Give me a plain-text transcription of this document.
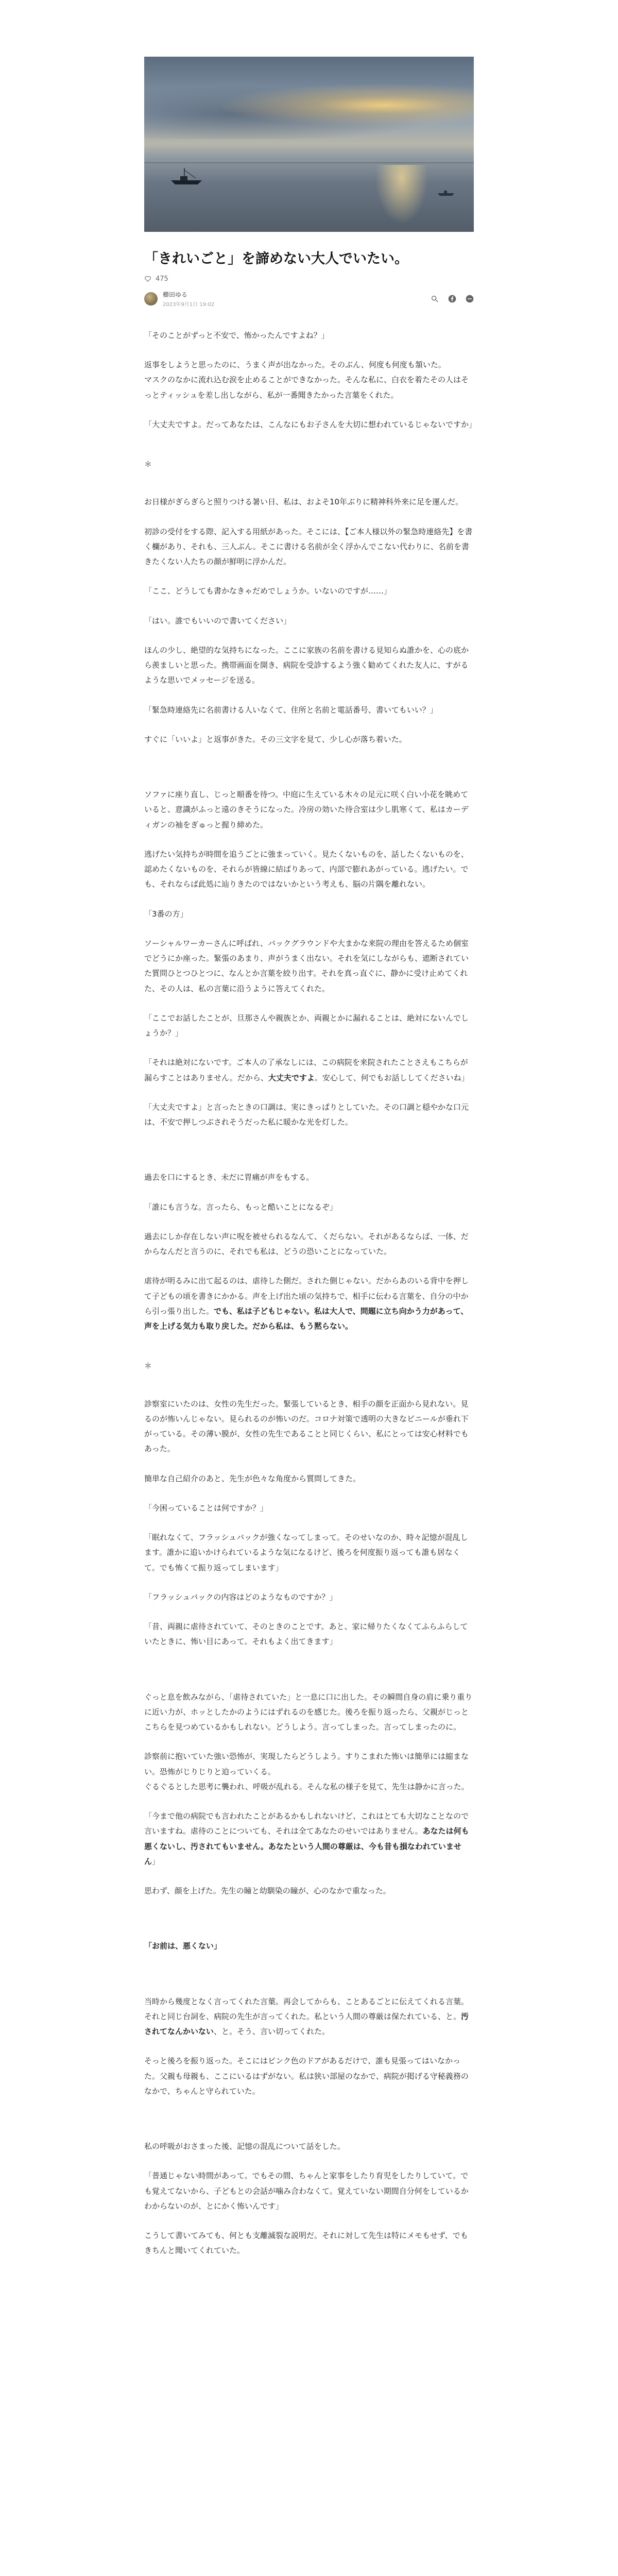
「きれいごと」を諦めない大人でいたい。
475
櫛田ゆる
2023年9月1日 19:02

「そのことがずっと不安で、怖かったんですよね？」

返事をしようと思ったのに、うまく声が出なかった。そのぶん、何度も何度も頷いた。
マスクのなかに流れ込む涙を止めることができなかった。そんな私に、白衣を着たその人はそっとティッシュを差し出しながら、私が一番聞きたかった言葉をくれた。

「大丈夫ですよ。だってあなたは、こんなにもお子さんを大切に想われているじゃないですか」

＊

お日様がぎらぎらと照りつける暑い日、私は、およそ10年ぶりに精神科外来に足を運んだ。

初診の受付をする際、記入する用紙があった。そこには、【ご本人様以外の緊急時連絡先】を書く欄があり、それも、三人ぶん。そこに書ける名前が全く浮かんでこない代わりに、名前を書きたくない人たちの顔が鮮明に浮かんだ。

「ここ、どうしても書かなきゃだめでしょうか。いないのですが……」

「はい。誰でもいいので書いてください」

ほんの少し、絶望的な気持ちになった。ここに家族の名前を書ける見知らぬ誰かを、心の底から羨ましいと思った。携帯画面を開き、病院を受診するよう強く勧めてくれた友人に、すがるような思いでメッセージを送る。

「緊急時連絡先に名前書ける人いなくて、住所と名前と電話番号、書いてもいい？」

すぐに「いいよ」と返事がきた。その三文字を見て、少し心が落ち着いた。

ソファに座り直し、じっと順番を待つ。中庭に生えている木々の足元に咲く白い小花を眺めていると、意識がふっと遠のきそうになった。冷房の効いた待合室は少し肌寒くて、私はカーディガンの袖をぎゅっと握り締めた。

逃げたい気持ちが時間を追うごとに強まっていく。見たくないものを、話したくないものを、認めたくないものを、それらが皆線に結ばりあって、内部で膨れあがっている。逃げたい。でも、それならば此処に辿りきたのではないかという考えも、脳の片隅を離れない。

「3番の方」

ソーシャルワーカーさんに呼ばれ、バックグラウンドや大まかな来院の理由を答えるため個室でどうにか座った。緊張のあまり、声がうまく出ない。それを気にしながらも、遮断されていた質問ひとつひとつに、なんとか言葉を絞り出す。それを真っ直ぐに、静かに受け止めてくれた、その人は、私の言葉に沿うように答えてくれた。

「ここでお話したことが、旦那さんや親族とか、両親とかに漏れることは、絶対にないんでしょうか？」

「それは絶対にないです。ご本人の了承なしには、この病院を来院されたことさえもこちらが漏らすことはありません。だから、大丈夫ですよ。安心して、何でもお話ししてくださいね」

「大丈夫ですよ」と言ったときの口調は、実にきっぱりとしていた。その口調と穏やかな口元は、不安で押しつぶされそうだった私に暖かな光を灯した。

過去を口にするとき、未だに胃痛が声をもする。

「誰にも言うな。言ったら、もっと酷いことになるぞ」

過去にしか存在しない声に呪を被せられるなんて、くだらない。それがあるならば、一体、だからなんだと言うのに、それでも私は、どうの恐いことになっていた。

虐待が明るみに出て起るのは、虐待した側だ。された側じゃない。だからあのいる背中を押して子どもの頃を書きにかかる。声を上げ出た頃の気持ちで、相手に伝わる言葉を、自分の中から引っ張り出した。でも、私は子どもじゃない。私は大人で、問題に立ち向かう力があって、声を上げる気力も取り戻した。だから私は、もう黙らない。

＊

診察室にいたのは、女性の先生だった。緊張しているとき、相手の顔を正面から見れない。見るのが怖いんじゃない。見られるのが怖いのだ。コロナ対策で透明の大きなビニールが垂れ下がっている。その薄い膜が、女性の先生であることと同じくらい、私にとっては安心材料でもあった。

簡単な自己紹介のあと、先生が色々な角度から質問してきた。

「今困っていることは何ですか？」

「眠れなくて、フラッシュバックが強くなってしまって。そのせいなのか、時々記憶が混乱します。誰かに追いかけられているような気になるけど、後ろを何度振り返っても誰も居なくて。でも怖くて振り返ってしまいます」

「フラッシュバックの内容はどのようなものですか？」

「昔、両親に虐待されていて、そのときのことです。あと、家に帰りたくなくてふらふらしていたときに、怖い目にあって。それもよく出てきます」

ぐっと息を飲みながら、「虐待されていた」と一息に口に出した。その瞬間自身の肩に乗り重りに近い力が、ホッとしたかのようにはずれるのを感じた。後ろを振り返ったら、父親がじっとこちらを見つめているかもしれない。どうしよう。言ってしまった。言ってしまったのに。

診察前に抱いていた強い恐怖が、実現したらどうしよう。すりこまれた怖いは簡単には縮まない。恐怖がじりじりと迫っていくる。
ぐるぐるとした思考に襲われ、呼吸が乱れる。そんな私の様子を見て、先生は静かに言った。

「今まで他の病院でも言われたことがあるかもしれないけど、これはとても大切なことなので言いますね。虐待のことについても、それは全てあなたのせいではありません。あなたは何も悪くないし、汚されてもいません。あなたという人間の尊厳は、今も昔も損なわれていません」

思わず、顔を上げた。先生の瞳と幼馴染の瞳が、心のなかで重なった。

「お前は、悪くない」

当時から幾度となく言ってくれた言葉。再会してからも、ことあるごとに伝えてくれる言葉。それと同じ台詞を、病院の先生が言ってくれた。私という人間の尊厳は保たれている、と。汚されてなんかいない、と。そう、言い切ってくれた。

そっと後ろを振り返った。そこにはピンク色のドアがあるだけで、誰も見張ってはいなかった。父親も母親も、ここにいるはずがない。私は狭い部屋のなかで、病院が掲げる守秘義務のなかで、ちゃんと守られていた。

私の呼吸がおさまった後、記憶の混乱について話をした。

「普通じゃない時間があって。でもその間、ちゃんと家事をしたり育児をしたりしていて。でも覚えてないから、子どもとの会話が噛み合わなくて。覚えていない期間自分何をしているかわからないのが、とにかく怖いんです」

こうして書いてみても、何とも支離滅裂な説明だ。それに対して先生は特にメモもせず、でもきちんと聞いてくれていた。
